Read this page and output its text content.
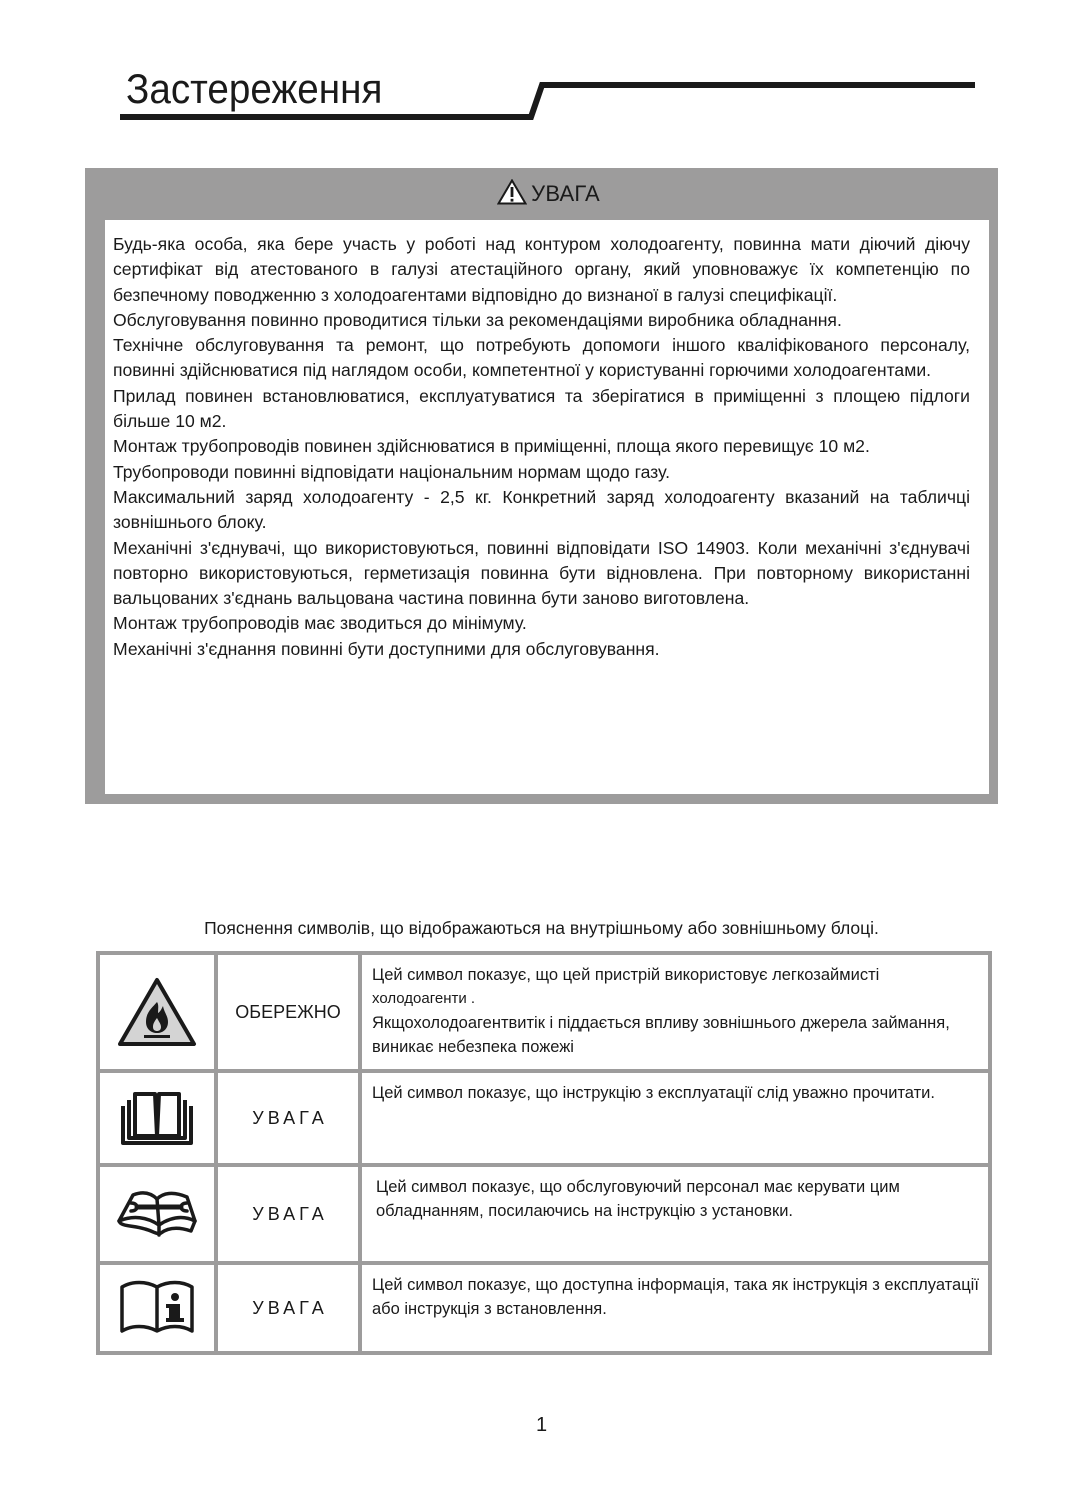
Застереження
УВАГА

Будь-яка особа, яка бере участь у роботі над контуром холодоагенту, повинна мати діючий діючу сертифікат від атестованого в галузі атестаційного органу, який уповноважує їх компетенцію по безпечному поводженню з холодоагентами відповідно до визнаної в галузі специфікації.

Обслуговування повинно проводитися тільки за рекомендаціями виробника обладнання.

Технічне обслуговування та ремонт, що потребують допомоги іншого кваліфікованого персоналу, повинні здійснюватися під наглядом особи, компетентної у користуванні горючими холодоагентами.

Прилад повинен встановлюватися, експлуатуватися та зберігатися в приміщенні з площею підлоги більше 10 м2.

Монтаж трубопроводів повинен здійснюватися в приміщенні, площа якого перевищує 10 м2.

Трубопроводи повинні відповідати національним нормам щодо газу.

Максимальний заряд холодоагенту - 2,5 кг. Конкретний заряд холодоагенту вказаний на табличці зовнішнього блоку.

Механічні з'єднувачі, що використовуються, повинні відповідати ISO 14903. Коли механічні з'єднувачі повторно використовуються, герметизація повинна бути відновлена. При повторному використанні вальцованих з'єднань вальцована частина повинна бути заново виготовлена.

Монтаж трубопроводів має зводиться до мінімуму.

Механічні з'єднання повинні бути доступними для обслуговування.

Пояснення символів, що відображаються на внутрішньому або зовнішньому блоці.
	ОБЕРЕЖНО	Цей символ показує, що цей пристрій використовує легкозаймисті
холодоагенти .
Якщохолодоагентвитік і піддається впливу зовнішнього джерела займання, виникає небезпека пожежі

	УВАГА	Цей символ показує, що інструкцію з експлуатації слід уважно прочитати.

	УВАГА	Цей символ показує, що обслуговуючий персонал має керувати цим обладнанням, посилаючись на інструкцію з установки.

	УВАГА	Цей символ показує, що доступна інформація, така як інструкція з експлуатації або інструкція з встановлення.
1
